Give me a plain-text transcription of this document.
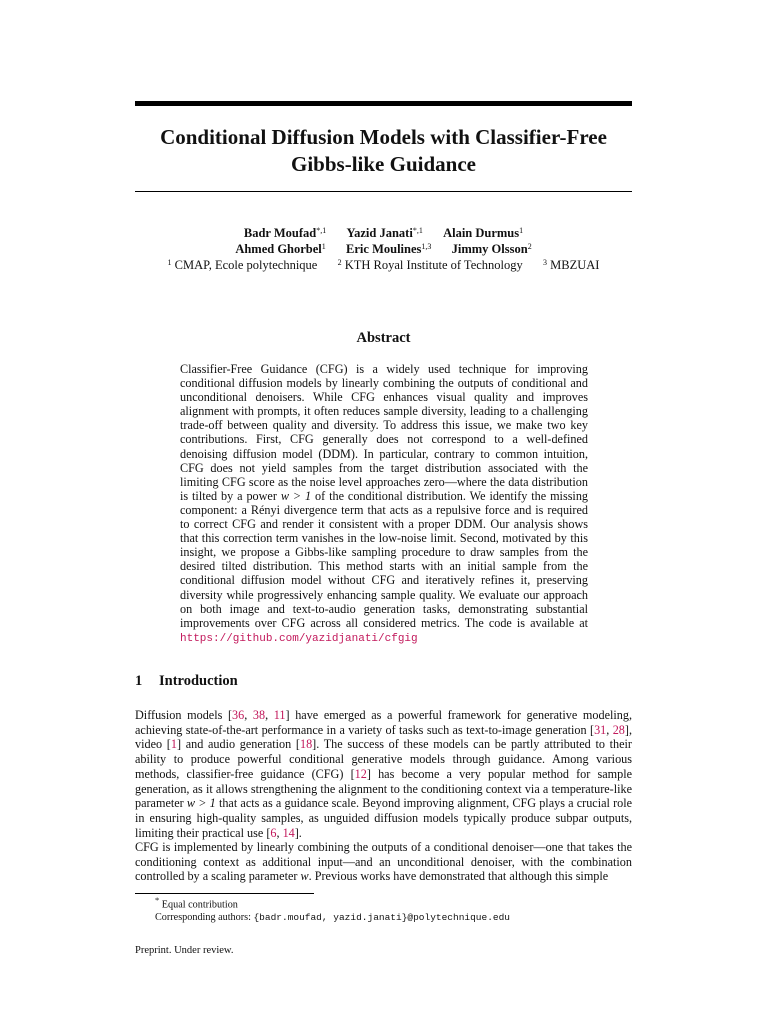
Conditional Diffusion Models with Classifier-Free Gibbs-like Guidance
Badr Moufad$^{*,1}$ Yazid Janati$^{*,1}$ Alain Durmus$^1$
Ahmed Ghorbel$^1$ Eric Moulines$^{1,3}$ Jimmy Olsson$^2$
$^1$ CMAP, Ecole polytechnique	$^2$ KTH Royal Institute of Technology	$^3$ MBZUAI
Abstract
Classifier-Free Guidance (CFG) is a widely used technique for improving conditional diffusion models by linearly combining the outputs of conditional and unconditional denoisers. While CFG enhances visual quality and improves alignment with prompts, it often reduces sample diversity, leading to a challenging trade-off between quality and diversity. To address this issue, we make two key contributions. First, CFG generally does not correspond to a well-defined denoising diffusion model (DDM). In particular, contrary to common intuition, CFG does not yield samples from the target distribution associated with the limiting CFG score as the noise level approaches zero—where the data distribution is tilted by a power w > 1 of the conditional distribution. We identify the missing component: a Rényi divergence term that acts as a repulsive force and is required to correct CFG and render it consistent with a proper DDM. Our analysis shows that this correction term vanishes in the low-noise limit. Second, motivated by this insight, we propose a Gibbs-like sampling procedure to draw samples from the desired tilted distribution. This method starts with an initial sample from the conditional diffusion model without CFG and iteratively refines it, preserving diversity while progressively enhancing sample quality. We evaluate our approach on both image and text-to-audio generation tasks, demonstrating substantial improvements over CFG across all considered metrics. The code is available at https://github.com/yazidjanati/cfgig
1 Introduction
Diffusion models [36, 38, 11] have emerged as a powerful framework for generative modeling, achieving state-of-the-art performance in a variety of tasks such as text-to-image generation [31, 28], video [1] and audio generation [18]. The success of these models can be partly attributed to their ability to produce powerful conditional generative models through guidance. Among various methods, classifier-free guidance (CFG) [12] has become a very popular method for sample generation, as it allows strengthening the alignment to the conditioning context via a temperature-like parameter w > 1 that acts as a guidance scale. Beyond improving alignment, CFG plays a crucial role in ensuring high-quality samples, as unguided diffusion models typically produce subpar outputs, limiting their practical use [6, 14].
CFG is implemented by linearly combining the outputs of a conditional denoiser—one that takes the conditioning context as additional input—and an unconditional denoiser, with the combination controlled by a scaling parameter w. Previous works have demonstrated that although this simple
* Equal contribution
Corresponding authors: {badr.moufad, yazid.janati}@polytechnique.edu
Preprint. Under review.
